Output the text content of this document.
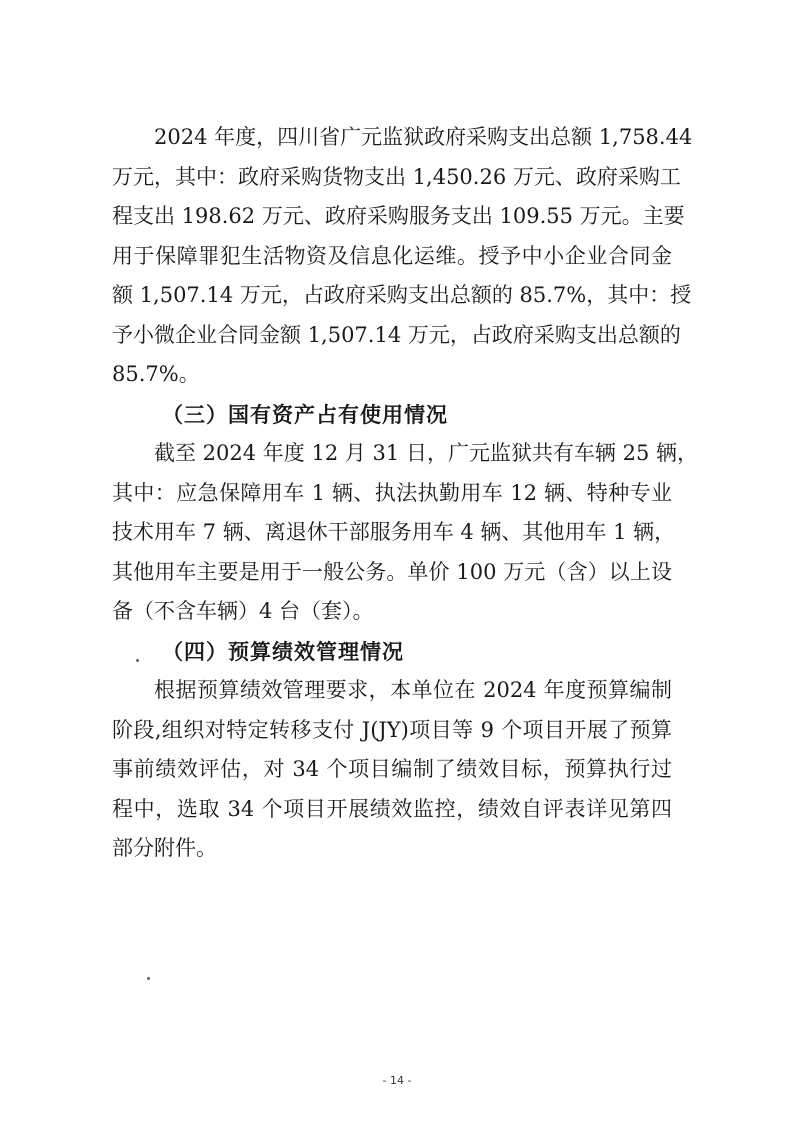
2024 年度，四川省广元监狱政府采购支出总额 1,758.44
万元，其中：政府采购货物支出 1,450.26 万元、政府采购工
程支出 198.62 万元、政府采购服务支出 109.55 万元。主要
用于保障罪犯生活物资及信息化运维。授予中小企业合同金
额 1,507.14 万元，占政府采购支出总额的 85.7%，其中：授
予小微企业合同金额 1,507.14 万元，占政府采购支出总额的
85.7%。
（三）国有资产占有使用情况
截至 2024 年度 12 月 31 日，广元监狱共有车辆 25 辆，
其中：应急保障用车 1 辆、执法执勤用车 12 辆、特种专业
技术用车 7 辆、离退休干部服务用车 4 辆、其他用车 1 辆，
其他用车主要是用于一般公务。单价 100 万元（含）以上设
备（不含车辆）4 台（套）。
（四）预算绩效管理情况
根据预算绩效管理要求，本单位在 2024 年度预算编制
阶段,组织对特定转移支付 J(JY)项目等 9 个项目开展了预算
事前绩效评估，对 34 个项目编制了绩效目标，预算执行过
程中，选取 34 个项目开展绩效监控，绩效自评表详见第四
部分附件。
- 14 -
